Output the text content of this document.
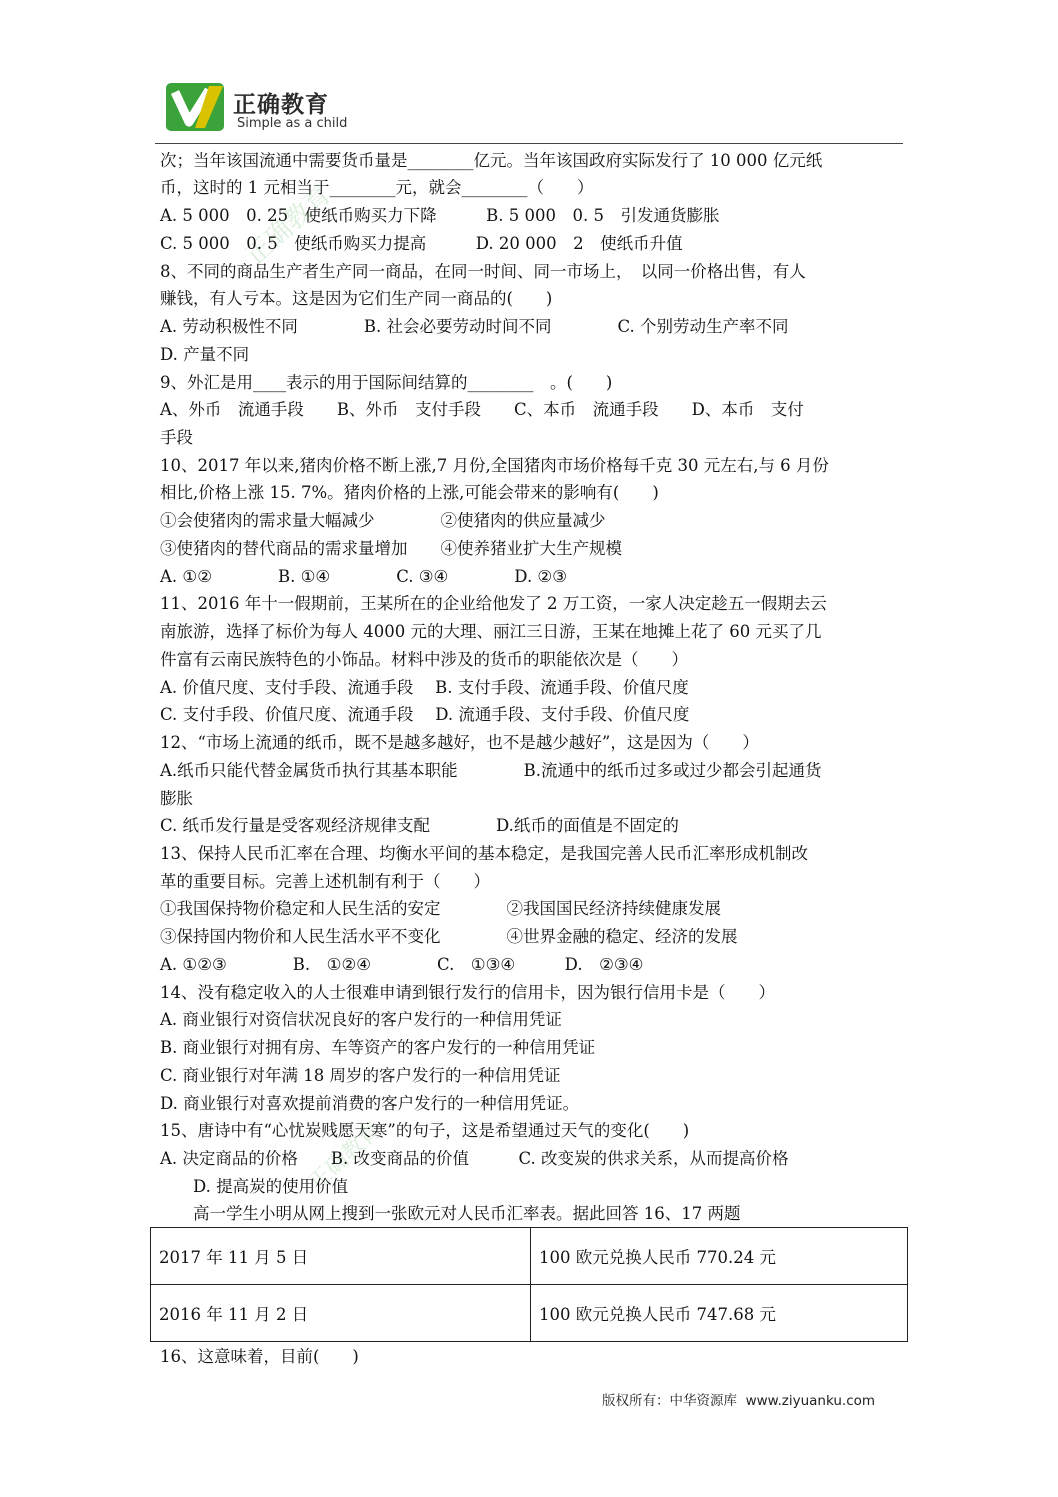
正确教育
Simple as a child
正确教育
正确教育
次；当年该国流通中需要货币量是________亿元。当年该国政府实际发行了 10 000 亿元纸
币，这时的 1 元相当于________元，就会________（　　）
A. 5 000　0. 25　使纸币购买力下降　　　B. 5 000　0. 5　引发通货膨胀
C. 5 000　0. 5　使纸币购买力提高　　　D. 20 000　2　使纸币升值
8、不同的商品生产者生产同一商品，在同一时间、同一市场上，　以同一价格出售，有人
赚钱，有人亏本。这是因为它们生产同一商品的(　　)
A. 劳动积极性不同　　　　B. 社会必要劳动时间不同　　　　C. 个别劳动生产率不同
D. 产量不同
9、外汇是用____表示的用于国际间结算的________　。(　　)
A、外币　流通手段　　B、外币　支付手段　　C、本币　流通手段　　D、本币　支付
手段
10、2017 年以来,猪肉价格不断上涨,7 月份,全国猪肉市场价格每千克 30 元左右,与 6 月份
相比,价格上涨 15. 7%。猪肉价格的上涨,可能会带来的影响有(　　)
①会使猪肉的需求量大幅减少　　　　②使猪肉的供应量减少
③使猪肉的替代商品的需求量增加　　④使养猪业扩大生产规模
A. ①②　　　　B. ①④　　　　C. ③④　　　　D. ②③
11、2016 年十一假期前，王某所在的企业给他发了 2 万工资，一家人决定趁五一假期去云
南旅游，选择了标价为每人 4000 元的大理、丽江三日游，王某在地摊上花了 60 元买了几
件富有云南民族特色的小饰品。材料中涉及的货币的职能依次是（　　）
A. 价值尺度、支付手段、流通手段　 B. 支付手段、流通手段、价值尺度
C. 支付手段、价值尺度、流通手段　 D. 流通手段、支付手段、价值尺度
12、“市场上流通的纸币，既不是越多越好，也不是越少越好”，这是因为（　　）
A.纸币只能代替金属货币执行其基本职能　　　　B.流通中的纸币过多或过少都会引起通货
膨胀
C. 纸币发行量是受客观经济规律支配　　　　D.纸币的面值是不固定的
13、保持人民币汇率在合理、均衡水平间的基本稳定，是我国完善人民币汇率形成机制改
革的重要目标。完善上述机制有利于（　　）
①我国保持物价稳定和人民生活的安定　　　　②我国国民经济持续健康发展
③保持国内物价和人民生活水平不变化　　　　④世界金融的稳定、经济的发展
A. ①②③　　　　B.　①②④　　　　C.　①③④　　　D.　②③④
14、没有稳定收入的人士很难申请到银行发行的信用卡，因为银行信用卡是（　　）
A. 商业银行对资信状况良好的客户发行的一种信用凭证
B. 商业银行对拥有房、车等资产的客户发行的一种信用凭证
C. 商业银行对年满 18 周岁的客户发行的一种信用凭证
D. 商业银行对喜欢提前消费的客户发行的一种信用凭证。
15、唐诗中有“心忧炭贱愿天寒”的句子，这是希望通过天气的变化(　　)
A. 决定商品的价格　　B. 改变商品的价值　　　C. 改变炭的供求关系，从而提高价格
　　D. 提高炭的使用价值
　　高一学生小明从网上搜到一张欧元对人民币汇率表。据此回答 16、17 两题
2017 年 11 月 5 日	100 欧元兑换人民币 770.24 元
2016 年 11 月 2 日	100 欧元兑换人民币 747.68 元
16、这意味着，目前(　　)
版权所有：中华资源库  www.ziyuanku.com
